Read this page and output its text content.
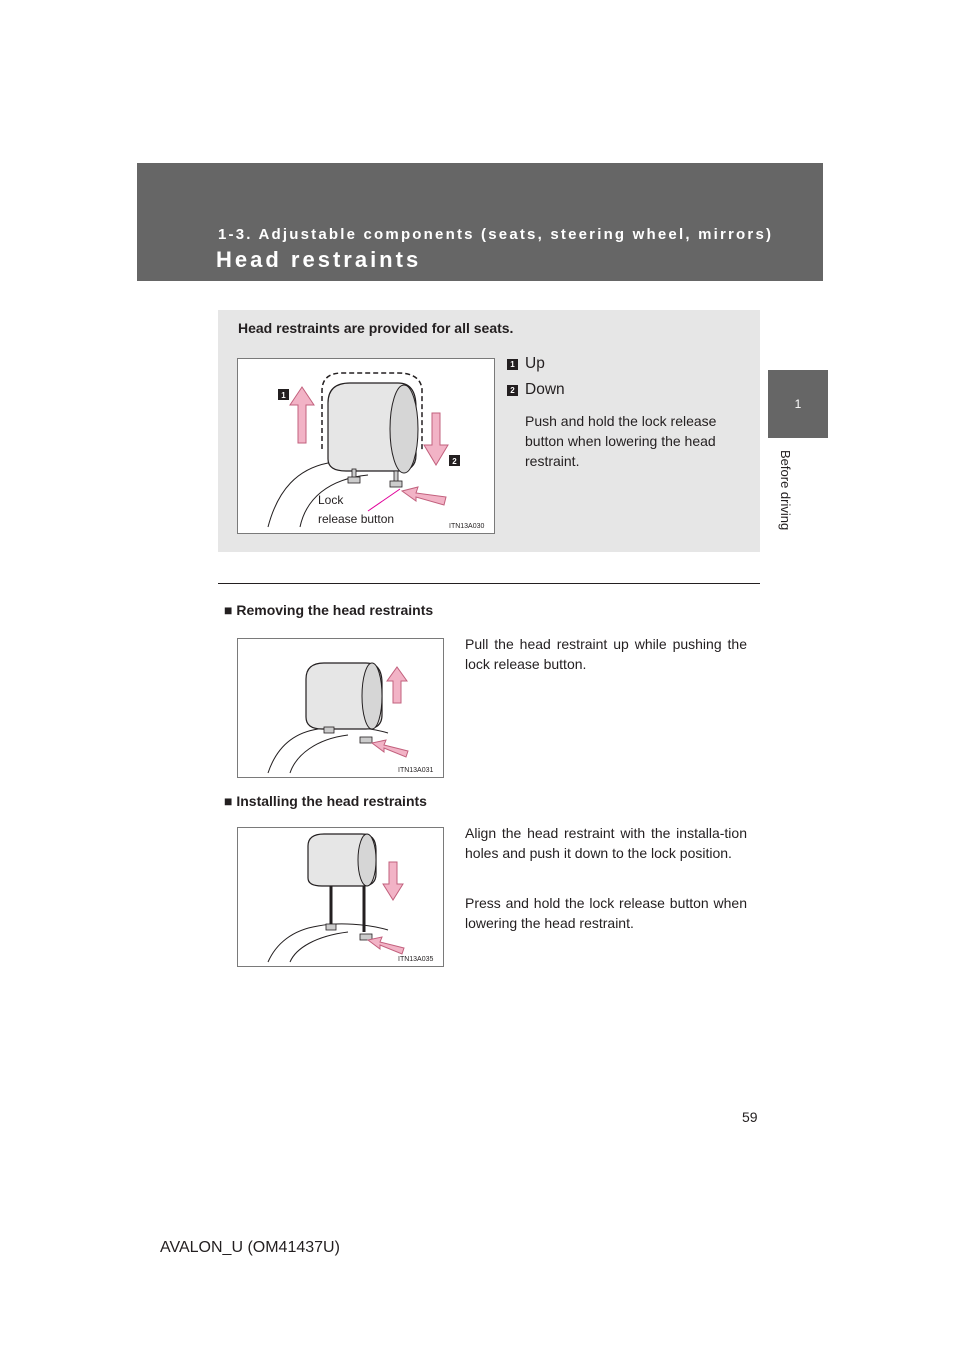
1-3. Adjustable components (seats, steering wheel, mirrors)
Head restraints
1
Before driving
Head restraints are provided for all seats.
1
2
Lock
release button
ITN13A030
1 Up
2 Down
Push and hold the lock release button when lowering the head restraint.
■ Removing the head restraints
ITN13A031
Pull the head restraint up while pushing the lock release button.
■ Installing the head restraints
ITN13A035
Align the head restraint with the installa-tion holes and push it down to the lock position.
Press and hold the lock release button when lowering the head restraint.
59
AVALON_U (OM41437U)
